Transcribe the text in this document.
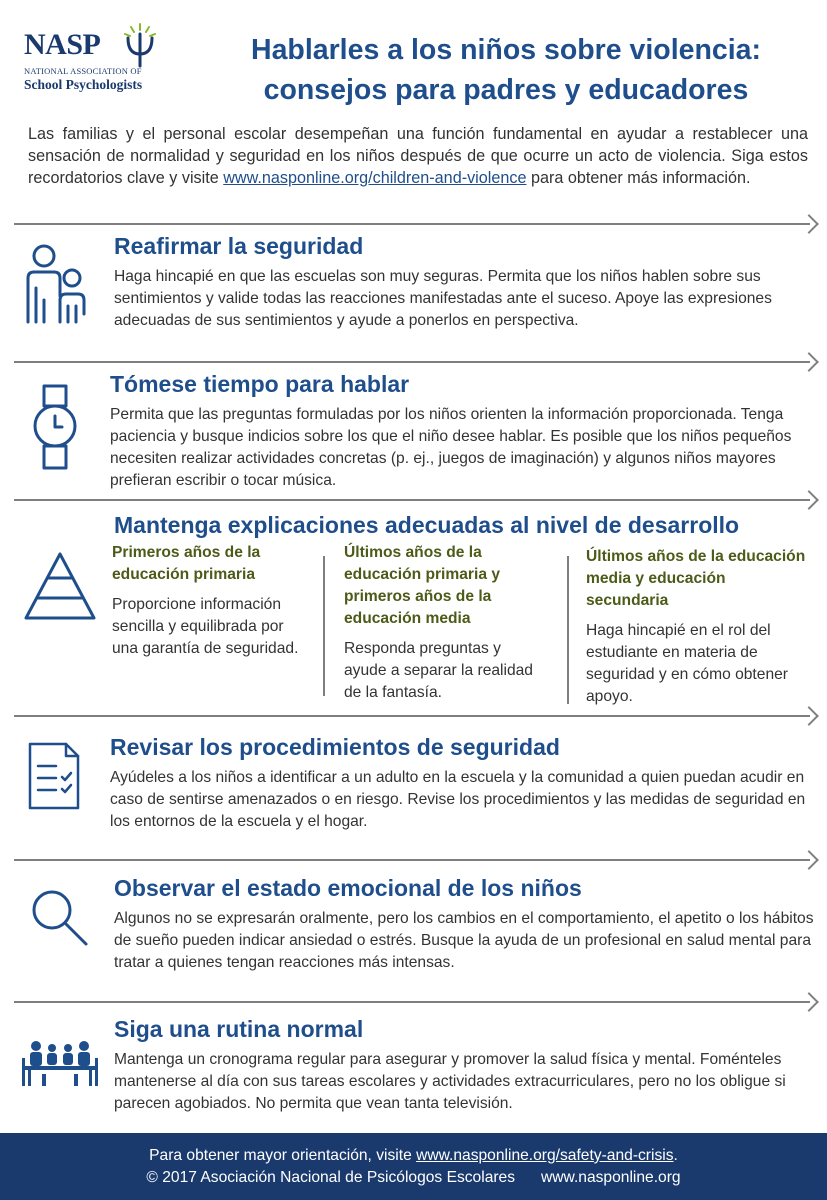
NASP
NATIONAL ASSOCIATION OF
School Psychologists
Hablarles a los niños sobre violencia:
consejos para padres y educadores
Las familias y el personal escolar desempeñan una función fundamental en ayudar a restablecer una sensación de normalidad y seguridad en los niños después de que ocurre un acto de violencia. Siga estos recordatorios clave y visite www.nasponline.org/children-and-violence para obtener más información.
Reafirmar la seguridad
Haga hincapié en que las escuelas son muy seguras. Permita que los niños hablen sobre sus sentimientos y valide todas las reacciones manifestadas ante el suceso. Apoye las expresiones adecuadas de sus sentimientos y ayude a ponerlos en perspectiva.
Tómese tiempo para hablar
Permita que las preguntas formuladas por los niños orienten la información proporcionada. Tenga paciencia y busque indicios sobre los que el niño desee hablar. Es posible que los niños pequeños necesiten realizar actividades concretas (p. ej., juegos de imaginación) y algunos niños mayores prefieran escribir o tocar música.
Mantenga explicaciones adecuadas al nivel de desarrollo
Primeros años de la educación primaria
Proporcione información sencilla y equilibrada por una garantía de seguridad.
Últimos años de la educación primaria y primeros años de la educación media
Responda preguntas y ayude a separar la realidad de la fantasía.
Últimos años de la educación media y educación secundaria
Haga hincapié en el rol del estudiante en materia de seguridad y en cómo obtener apoyo.
Revisar los procedimientos de seguridad
Ayúdeles a los niños a identificar a un adulto en la escuela y la comunidad a quien puedan acudir en caso de sentirse amenazados o en riesgo. Revise los procedimientos y las medidas de seguridad en los entornos de la escuela y el hogar.
Observar el estado emocional de los niños
Algunos no se expresarán oralmente, pero los cambios en el comportamiento, el apetito o los hábitos de sueño pueden indicar ansiedad o estrés. Busque la ayuda de un profesional en salud mental para tratar a quienes tengan reacciones más intensas.
Siga una rutina normal
Mantenga un cronograma regular para asegurar y promover la salud física y mental. Foménteles mantenerse al día con sus tareas escolares y actividades extracurriculares, pero no los obligue si parecen agobiados. No permita que vean tanta televisión.
Para obtener mayor orientación, visite www.nasponline.org/safety-and-crisis.
© 2017 Asociación Nacional de Psicólogos Escolares      www.nasponline.org
